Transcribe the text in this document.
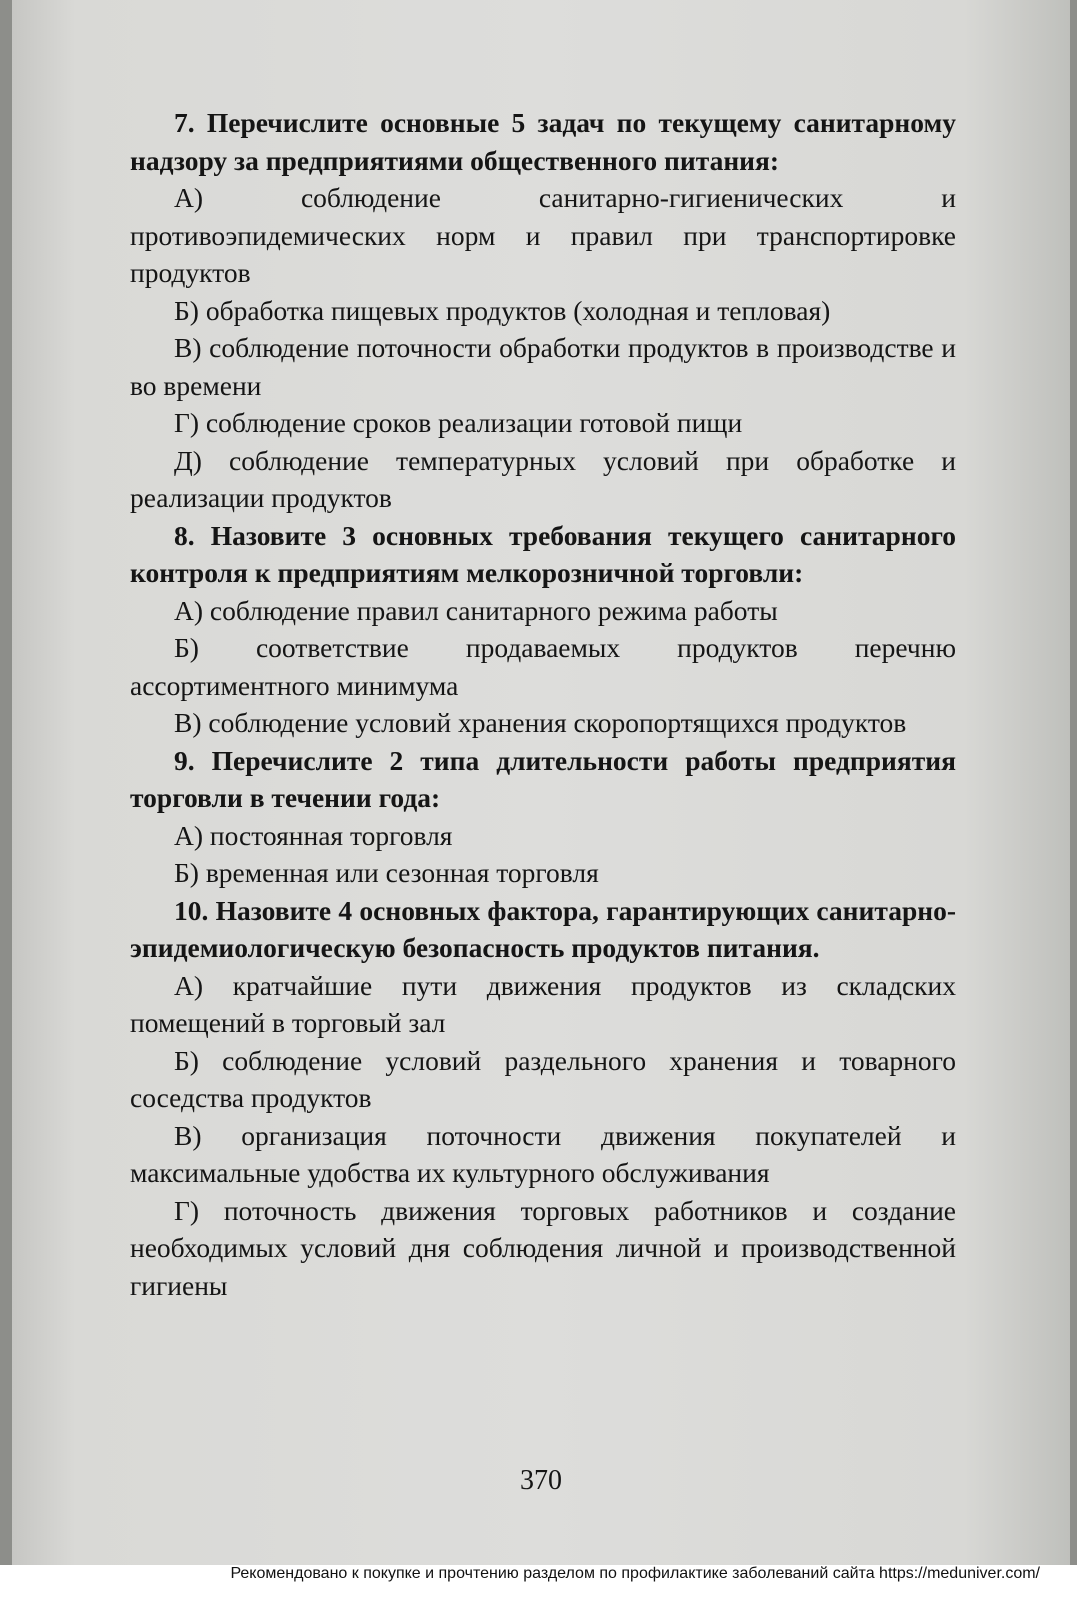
7. Перечислите основные 5 задач по текущему санитарному надзору за предприятиями общественного питания:

А) соблюдение санитарно-гигиенических и противоэпидемических норм и правил при транспортировке продуктов

Б) обработка пищевых продуктов (холодная и тепловая)

В) соблюдение поточности обработки продуктов в производстве и во времени

Г) соблюдение сроков реализации готовой пищи

Д) соблюдение температурных условий при обработке и реализации продуктов

8. Назовите 3 основных требования текущего санитарного контроля к предприятиям мелкорозничной торговли:

А) соблюдение правил санитарного режима работы

Б) соответствие продаваемых продуктов перечню ассортиментного минимума

В) соблюдение условий хранения скоропортящихся продуктов

9. Перечислите 2 типа длительности работы предприятия торговли в течении года:

А) постоянная торговля

Б) временная или сезонная торговля

10. Назовите 4 основных фактора, гарантирующих санитарно-эпидемиологическую безопасность продуктов питания.

А) кратчайшие пути движения продуктов из складских помещений в торговый зал

Б) соблюдение условий раздельного хранения и товарного соседства продуктов

В) организация поточности движения покупателей и максимальные удобства их культурного обслуживания

Г) поточность движения торговых работников и создание необходимых условий дня соблюдения личной и производственной гигиены

370
Рекомендовано к покупке и прочтению разделом по профилактике заболеваний сайта https://meduniver.com/
